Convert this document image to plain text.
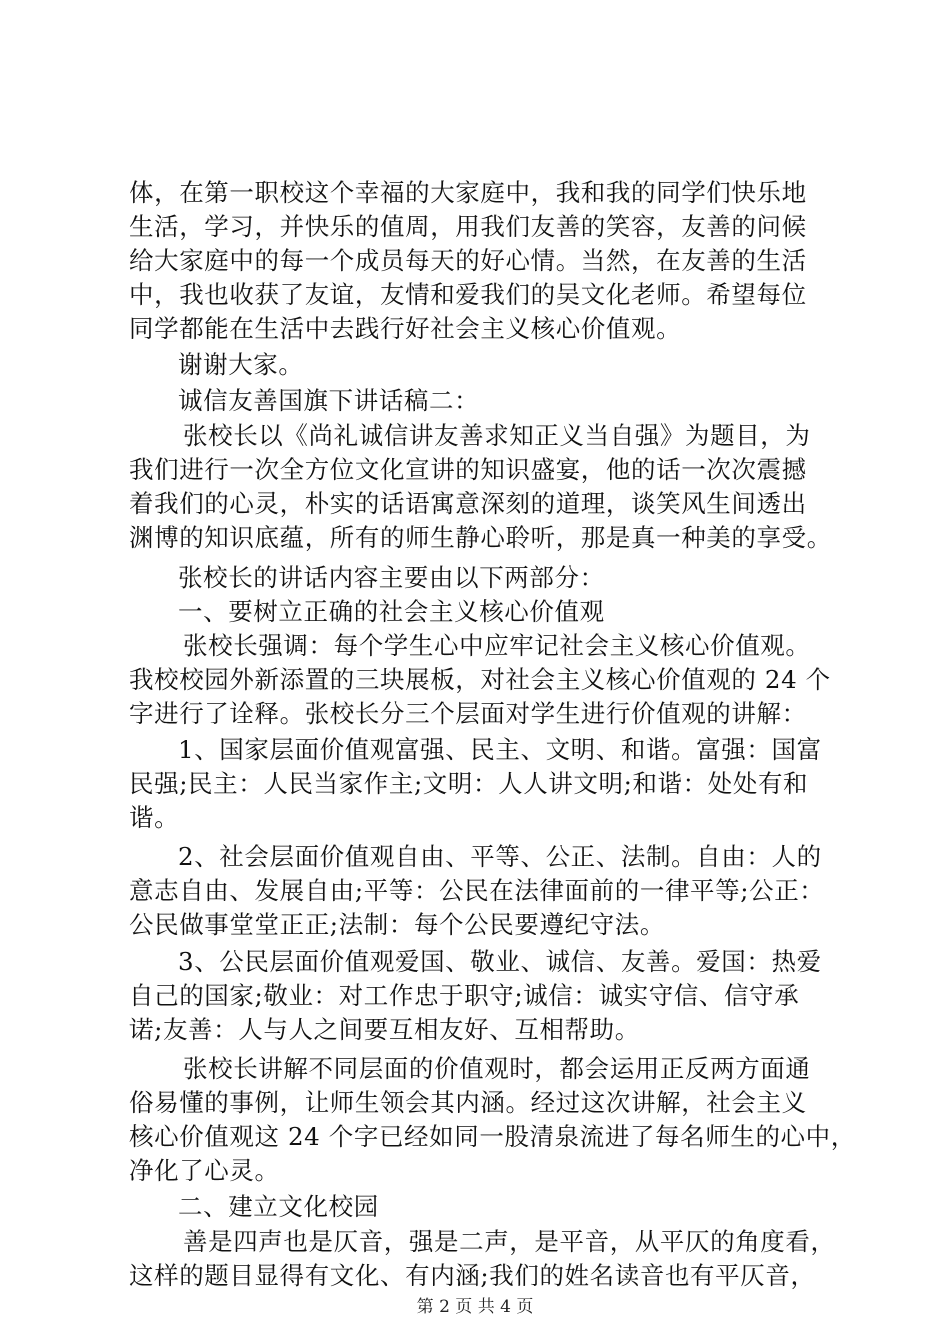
体，在第一职校这个幸福的大家庭中，我和我的同学们快乐地
生活，学习，并快乐的值周，用我们友善的笑容，友善的问候
给大家庭中的每一个成员每天的好心情。当然，在友善的生活
中，我也收获了友谊，友情和爱我们的吴文化老师。希望每位
同学都能在生活中去践行好社会主义核心价值观。
谢谢大家。
诚信友善国旗下讲话稿二：
张校长以《尚礼诚信讲友善求知正义当自强》为题目，为
我们进行一次全方位文化宣讲的知识盛宴，他的话一次次震撼
着我们的心灵，朴实的话语寓意深刻的道理，谈笑风生间透出
渊博的知识底蕴，所有的师生静心聆听，那是真一种美的享受。
张校长的讲话内容主要由以下两部分：
一、要树立正确的社会主义核心价值观
张校长强调：每个学生心中应牢记社会主义核心价值观。
我校校园外新添置的三块展板，对社会主义核心价值观的 24 个
字进行了诠释。张校长分三个层面对学生进行价值观的讲解：
1、国家层面价值观富强、民主、文明、和谐。富强：国富
民强;民主：人民当家作主;文明：人人讲文明;和谐：处处有和
谐。
2、社会层面价值观自由、平等、公正、法制。自由：人的
意志自由、发展自由;平等：公民在法律面前的一律平等;公正：
公民做事堂堂正正;法制：每个公民要遵纪守法。
3、公民层面价值观爱国、敬业、诚信、友善。爱国：热爱
自己的国家;敬业：对工作忠于职守;诚信：诚实守信、信守承
诺;友善：人与人之间要互相友好、互相帮助。
张校长讲解不同层面的价值观时，都会运用正反两方面通
俗易懂的事例，让师生领会其内涵。经过这次讲解，社会主义
核心价值观这 24 个字已经如同一股清泉流进了每名师生的心中，
净化了心灵。
二、建立文化校园
善是四声也是仄音，强是二声，是平音，从平仄的角度看，
这样的题目显得有文化、有内涵;我们的姓名读音也有平仄音，
第 2 页 共 4 页
